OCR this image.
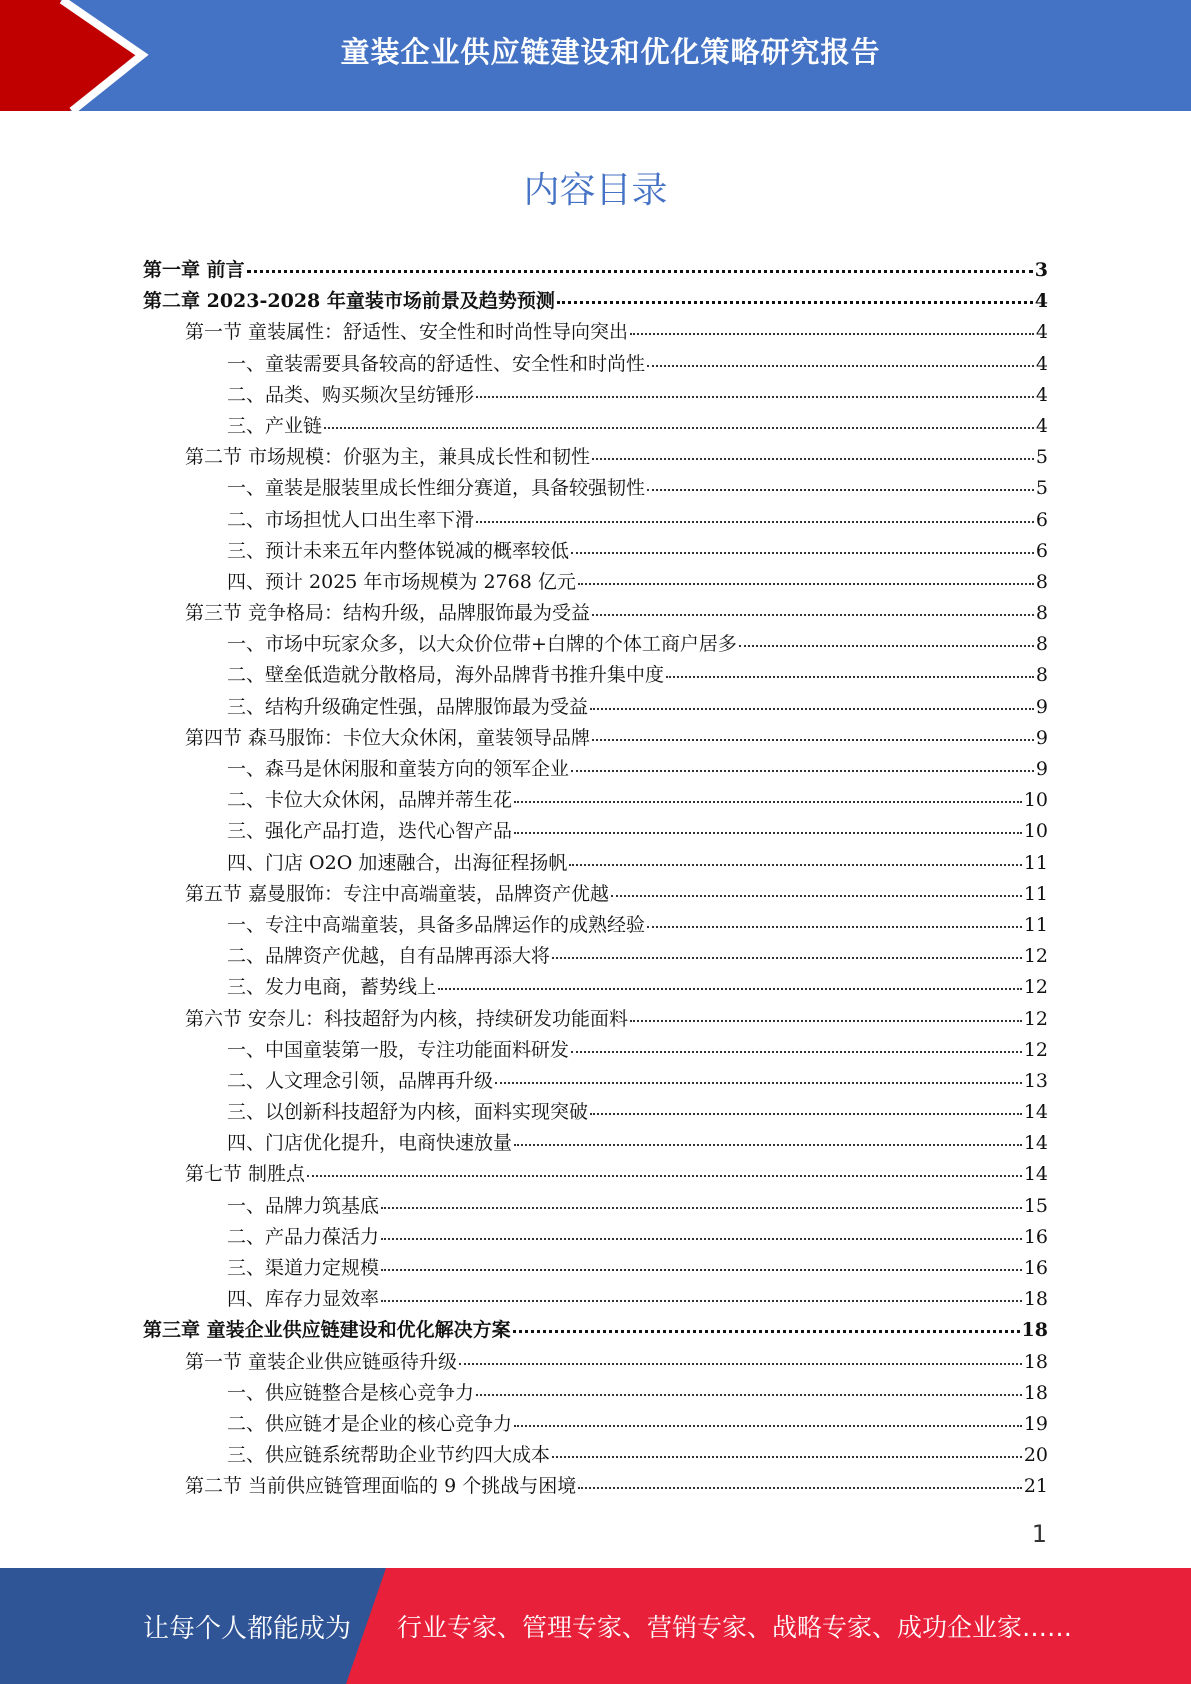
童装企业供应链建设和优化策略研究报告
内容目录
第一章 前言	3
第二章 2023-2028 年童装市场前景及趋势预测	4
第一节 童装属性：舒适性、安全性和时尚性导向突出	4
一、童装需要具备较高的舒适性、安全性和时尚性	4
二、品类、购买频次呈纺锤形	4
三、产业链	4
第二节 市场规模：价驱为主，兼具成长性和韧性	5
一、童装是服装里成长性细分赛道，具备较强韧性	5
二、市场担忧人口出生率下滑	6
三、预计未来五年内整体锐减的概率较低	6
四、预计 2025 年市场规模为 2768 亿元	8
第三节 竞争格局：结构升级，品牌服饰最为受益	8
一、市场中玩家众多，以大众价位带+白牌的个体工商户居多	8
二、壁垒低造就分散格局，海外品牌背书推升集中度	8
三、结构升级确定性强，品牌服饰最为受益	9
第四节 森马服饰：卡位大众休闲，童装领导品牌	9
一、森马是休闲服和童装方向的领军企业	9
二、卡位大众休闲，品牌并蒂生花	10
三、强化产品打造，迭代心智产品	10
四、门店 O2O 加速融合，出海征程扬帆	11
第五节 嘉曼服饰：专注中高端童装，品牌资产优越	11
一、专注中高端童装，具备多品牌运作的成熟经验	11
二、品牌资产优越，自有品牌再添大将	12
三、发力电商，蓄势线上	12
第六节 安奈儿：科技超舒为内核，持续研发功能面料	12
一、中国童装第一股，专注功能面料研发	12
二、人文理念引领，品牌再升级	13
三、以创新科技超舒为内核，面料实现突破	14
四、门店优化提升，电商快速放量	14
第七节 制胜点	14
一、品牌力筑基底	15
二、产品力葆活力	16
三、渠道力定规模	16
四、库存力显效率	18
第三章 童装企业供应链建设和优化解决方案	18
第一节 童装企业供应链亟待升级	18
一、供应链整合是核心竞争力	18
二、供应链才是企业的核心竞争力	19
三、供应链系统帮助企业节约四大成本	20
第二节 当前供应链管理面临的 9 个挑战与困境	21
1
让每个人都能成为 行业专家、管理专家、营销专家、战略专家、成功企业家……
